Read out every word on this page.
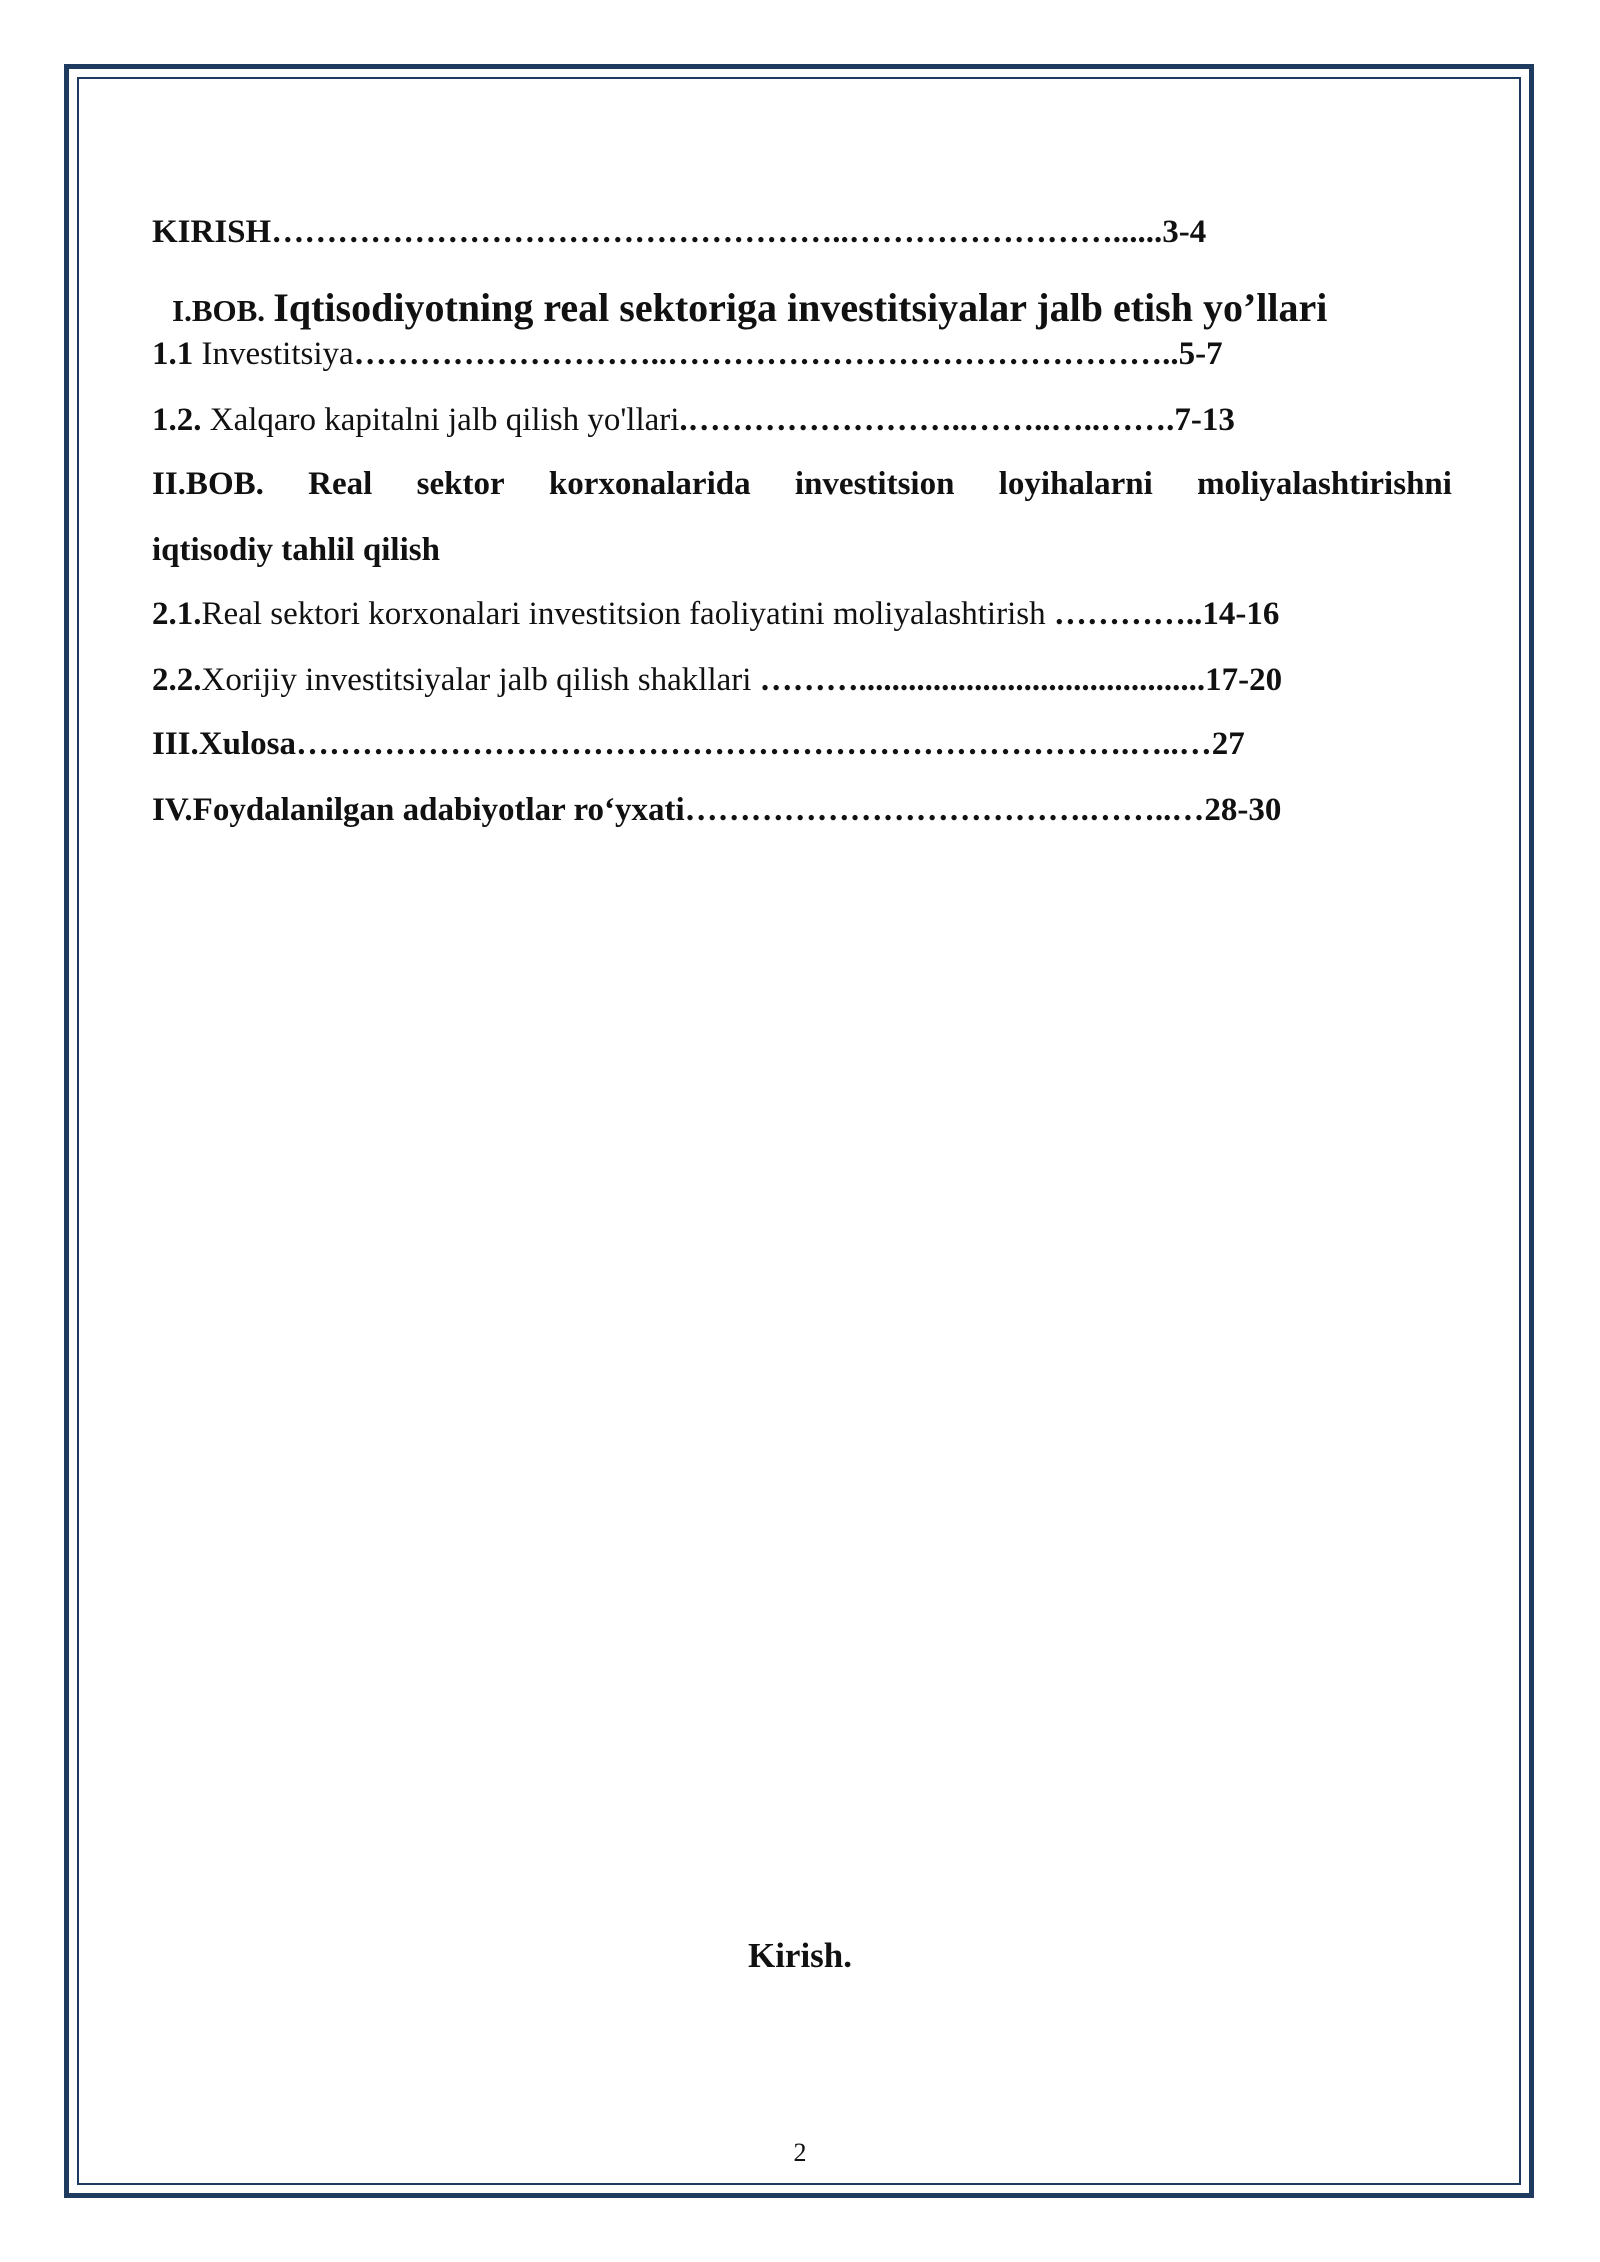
KIRISH……………………………………………..……………………......3-4
I.BOB. Iqtisodiyotning real sektoriga investitsiyalar jalb etish yo’llari
1.1 Investitsiya………………………..………………………………………..5-7
1.2. Xalqaro kapitalni jalb qilish yo'llari.……………………..……..…..…….7-13
II.BOB. Real sektor korxonalarida investitsion loyihalarni moliyalashtirishni
iqtisodiy tahlil qilish
2.1.Real sektori korxonalari investitsion faoliyatini moliyalashtirish …………..14-16
2.2.Xorijiy investitsiyalar jalb qilish shakllari ………..........................................17-20
III.Xulosa………………………………………………………………….…..…27
IV.Foydalanilgan adabiyotlar ro‘yxati……………………………….……..…28-30
Kirish.
2
